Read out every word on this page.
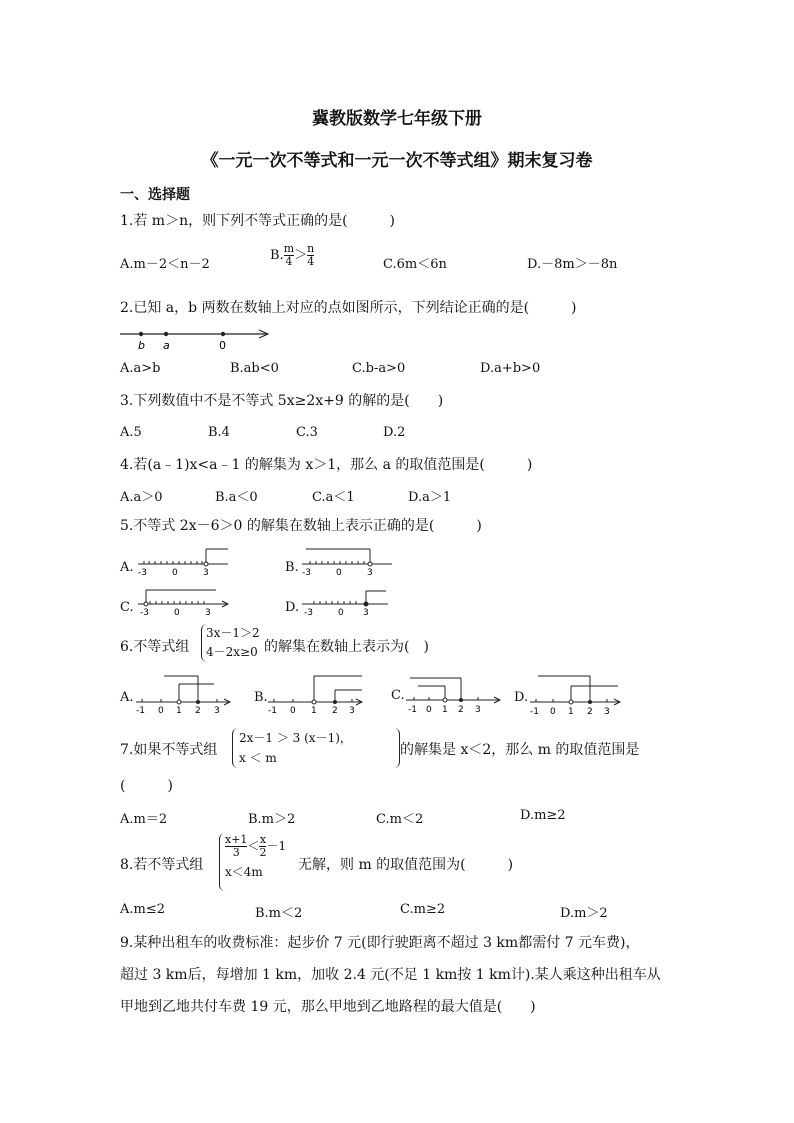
冀教版数学七年级下册
《一元一次不等式和一元一次不等式组》期末复习卷
一、选择题
1.若 m＞n，则下列不等式正确的是(　　　)
A.m－2＜n－2
B. $\frac{m}{4} > \frac{n}{4}$	C.6m＜6n	D.－8m＞－8n
2.已知 a，b 两数在数轴上对应的点如图所示，下列结论正确的是(　　　)
b a	0
A.a>b	B.ab<0	C.b-a>0	D.a+b>0
3.下列数值中不是不等式 5x≥2x+9 的解的是(　　)
A.5	B.4	C.3	D.2
4.若(a﹣1)x<a﹣1 的解集为 x＞1，那么 a 的取值范围是(　　　)
A.a＞0	B.a＜0	C.a＜1	D.a＞1
5.不等式 2x－6＞0 的解集在数轴上表示正确的是(　　　)
A. -3	0	3	B. -3	0	3
C. -3	0	3	D. -3	0 3
6.不等式组
3x－1＞2
4－2x≥0 的解集在数轴上表示为(　)
A.
-1 0 1 2 3
B.
-1 0 1 2 3
C.
-1 0 1 2 3
D.
-1 0 1 2 3
7.如果不等式组
2x－1 ＞ 3 (x－1)，
x ＜ m	的解集是 x＜2，那么 m 的取值范围是
(　　　)
A.m＝2	B.m＞2	C.m＜2	D.m≥2
8.若不等式组
$\frac{x+1}{3} < \frac{x}{2} -1$
x＜4m	无解，则 m 的取值范围为(　　　)
A.m≤2	B.m＜2	C.m≥2	D.m＞2
9.某种出租车的收费标准：起步价 7 元(即行驶距离不超过 3 km都需付 7 元车费)，
超过 3 km后，每增加 1 km，加收 2.4 元(不足 1 km按 1 km计).某人乘这种出租车从
甲地到乙地共付车费 19 元，那么甲地到乙地路程的最大值是(　　)
